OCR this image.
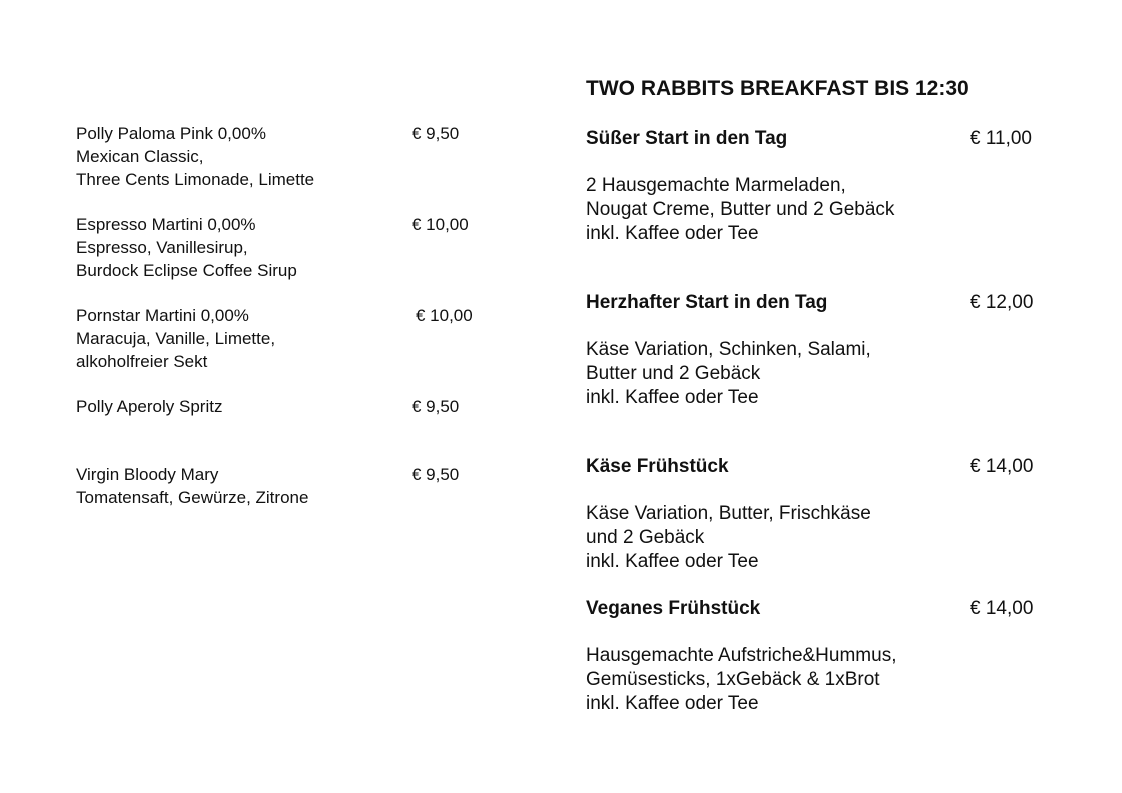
Polly Paloma Pink 0,00%
Mexican Classic,
Three Cents Limonade, Limette
€ 9,50
Espresso Martini 0,00%
Espresso, Vanillesirup,
Burdock Eclipse Coffee Sirup
€ 10,00
Pornstar Martini 0,00%
Maracuja, Vanille, Limette,
alkoholfreier Sekt
€ 10,00
Polly Aperoly Spritz	€ 9,50
Virgin Bloody Mary
Tomatensaft, Gewürze, Zitrone
€ 9,50
TWO RABBITS BREAKFAST BIS 12:30
Süßer Start in den Tag	€ 11,00
2 Hausgemachte Marmeladen,
Nougat Creme, Butter und 2 Gebäck
inkl. Kaffee oder Tee
Herzhafter Start in den Tag	€ 12,00
Käse Variation, Schinken, Salami,
Butter und 2 Gebäck
inkl. Kaffee oder Tee
Käse Frühstück	€ 14,00
Käse Variation, Butter, Frischkäse
und 2 Gebäck
inkl. Kaffee oder Tee
Veganes Frühstück	€ 14,00
Hausgemachte Aufstriche&Hummus,
Gemüsesticks, 1xGebäck & 1xBrot
inkl. Kaffee oder Tee
